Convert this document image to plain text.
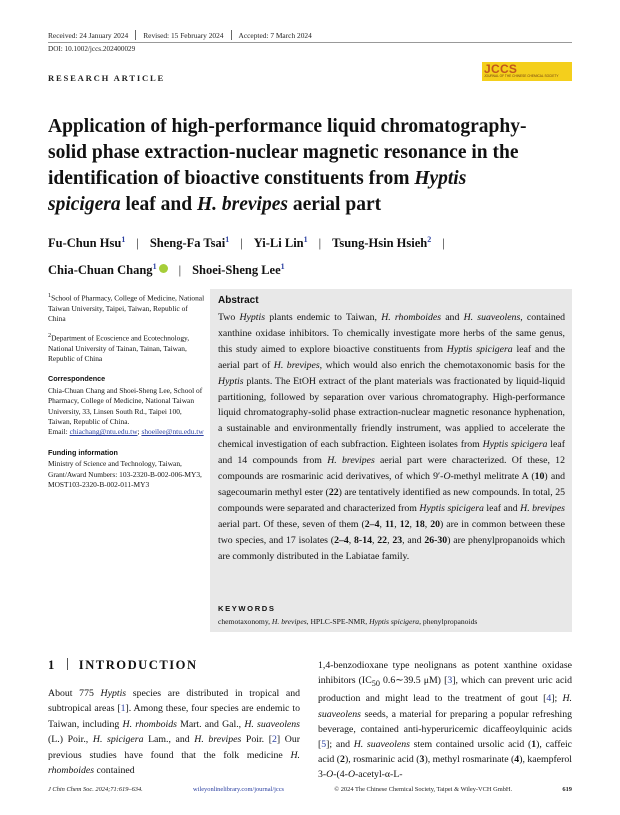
Received: 24 January 2024 Revised: 15 February 2024 Accepted: 7 March 2024
DOI: 10.1002/jccs.202400029
RESEARCH ARTICLE
JCCS
JOURNAL OF THE CHINESE CHEMICAL SOCIETY
Application of high-performance liquid chromatography-
solid phase extraction-nuclear magnetic resonance in the
identification of bioactive constituents from Hyptis
spicigera leaf and H. brevipes aerial part
Fu-Chun Hsu$^1$ | Sheng-Fa Tsai$^1$ | Yi-Li Lin$^1$ | Tsung-Hsin Hsieh$^2$ |
Chia-Chuan Chang$^1$ | Shoei-Sheng Lee$^1$

$^1$School of Pharmacy, College of Medicine, National Taiwan University, Taipei, Taiwan, Republic of China

$^2$Department of Ecoscience and Ecotechnology, National University of Tainan, Tainan, Taiwan, Republic of China

Correspondence

Chia-Chuan Chang and Shoei-Sheng Lee, School of Pharmacy, College of Medicine, National Taiwan University, 33, Linsen South Rd., Taipei 100, Taiwan, Republic of China.

Email: chiachang@ntu.edu.tw; shoeilee@ntu.edu.tw

Funding information

Ministry of Science and Technology, Taiwan, Grant/Award Numbers: 103-2320-B-002-006-MY3, MOST103-2320-B-002-011-MY3

Abstract
Two Hyptis plants endemic to Taiwan, H. rhomboides and H. suaveolens, contained xanthine oxidase inhibitors. To chemically investigate more herbs of the same genus, this study aimed to explore bioactive constituents from Hyptis spicigera leaf and the aerial part of H. brevipes, which would also enrich the chemotaxonomic basis for the Hyptis plants. The EtOH extract of the plant materials was fractionated by liquid-liquid partitioning, followed by separation over various chromatography. High-performance liquid chromatography-solid phase extraction-nuclear magnetic resonance hyphenation, a sustainable and environmentally friendly instrument, was applied to accelerate the chemical investigation of each subfraction. Eighteen isolates from Hyptis spicigera leaf and 14 compounds from H. brevipes aerial part were characterized. Of these, 12 compounds are rosmarinic acid derivatives, of which 9′-O-methyl melitrate A (10) and sagecoumarin methyl ester (22) are tentatively identified as new compounds. In total, 25 compounds were separated and characterized from Hyptis spicigera leaf and H. brevipes aerial part. Of these, seven of them (2–4, 11, 12, 18, 20) are in common between these two species, and 17 isolates (2–4, 8-14, 22, 23, and 26-30) are phenylpropanoids which are commonly distributed in the Labiatae family.
KEYWORDS
chemotaxonomy, H. brevipes, HPLC-SPE-NMR, Hyptis spicigera, phenylpropanoids
1 INTRODUCTION
About 775 Hyptis species are distributed in tropical and subtropical areas [1]. Among these, four species are endemic to Taiwan, including H. rhomboids Mart. and Gal., H. suaveolens (L.) Poir., H. spicigera Lam., and H. brevipes Poir. [2] Our previous studies have found that the folk medicine H. rhomboides contained
1,4-benzodioxane type neolignans as potent xanthine oxidase inhibitors ($IC_{50}$ 0.6∼39.5 μM) [3], which can prevent uric acid production and might lead to the treatment of gout [4]; H. suaveolens seeds, a material for preparing a popular refreshing beverage, contained anti-hyperuricemic dicaffeoylquinic acids [5]; and H. suaveolens stem contained ursolic acid (1), caffeic acid (2), rosmarinic acid (3), methyl rosmarinate (4), kaempferol 3-O-(4-O-acetyl-α-L-
J Chin Chem Soc. 2024;71:619–634.	wileyonlinelibrary.com/journal/jccs	© 2024 The Chinese Chemical Society, Taipei & Wiley-VCH GmbH.	619
